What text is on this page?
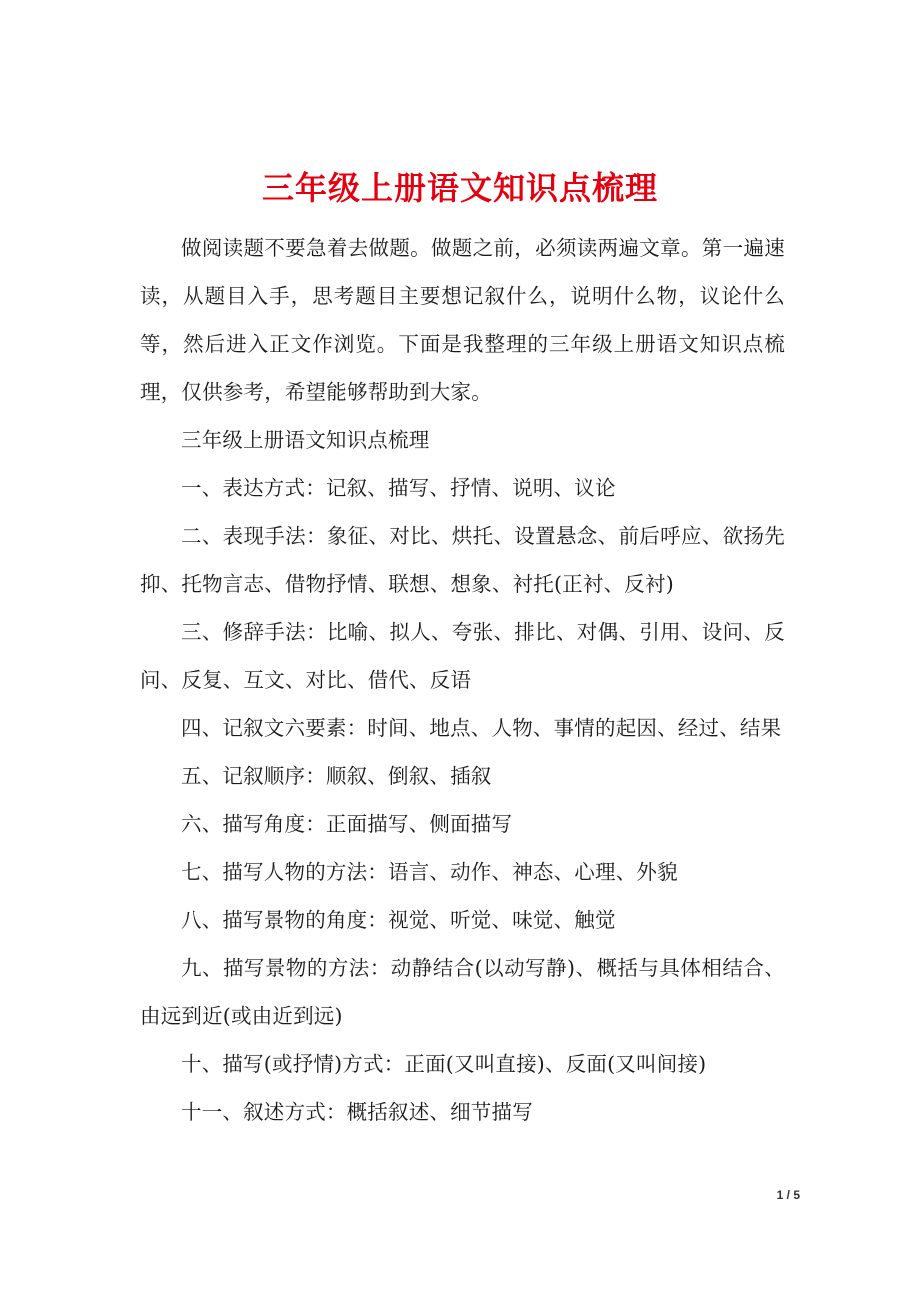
三年级上册语文知识点梳理

做阅读题不要急着去做题。做题之前，必须读两遍文章。第一遍速读，从题目入手，思考题目主要想记叙什么，说明什么物，议论什么等，然后进入正文作浏览。下面是我整理的三年级上册语文知识点梳理，仅供参考，希望能够帮助到大家。

三年级上册语文知识点梳理

一、表达方式：记叙、描写、抒情、说明、议论

二、表现手法：象征、对比、烘托、设置悬念、前后呼应、欲扬先抑、托物言志、借物抒情、联想、想象、衬托(正衬、反衬)

三、修辞手法：比喻、拟人、夸张、排比、对偶、引用、设问、反问、反复、互文、对比、借代、反语

四、记叙文六要素：时间、地点、人物、事情的起因、经过、结果

五、记叙顺序：顺叙、倒叙、插叙

六、描写角度：正面描写、侧面描写

七、描写人物的方法：语言、动作、神态、心理、外貌

八、描写景物的角度：视觉、听觉、味觉、触觉

九、描写景物的方法：动静结合(以动写静)、概括与具体相结合、由远到近(或由近到远)

十、描写(或抒情)方式：正面(又叫直接)、反面(又叫间接)

十一、叙述方式：概括叙述、细节描写

1 / 5
